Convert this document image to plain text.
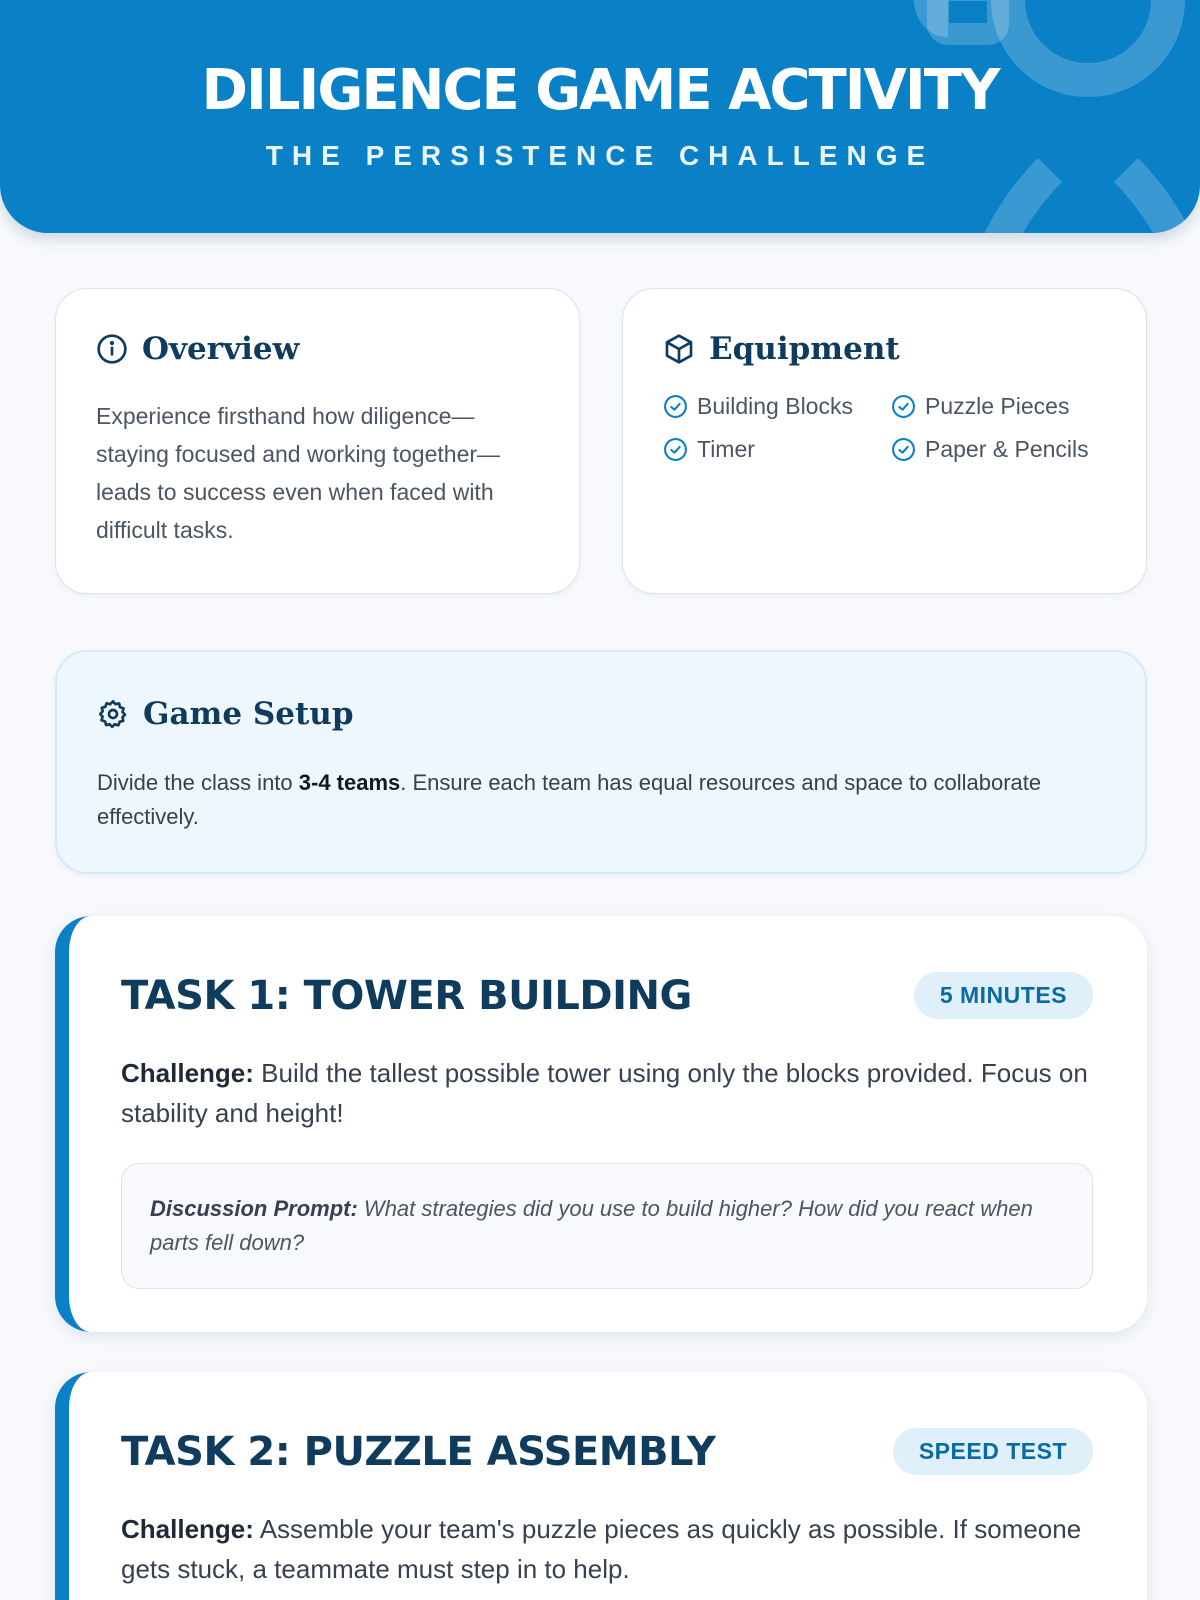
DILIGENCE GAME ACTIVITY
THE PERSISTENCE CHALLENGE
Overview

Experience firsthand how diligence—staying focused and working together—leads to success even when faced with difficult tasks.

Equipment
Building Blocks	Puzzle Pieces
Timer	Paper & Pencils
Game Setup

Divide the class into 3-4 teams. Ensure each team has equal resources and space to collaborate effectively.

TASK 1: TOWER BUILDING	5 MINUTES

Challenge: Build the tallest possible tower using only the blocks provided. Focus on stability and height!

Discussion Prompt: What strategies did you use to build higher? How did you react when parts fell down?
TASK 2: PUZZLE ASSEMBLY	SPEED TEST

Challenge: Assemble your team's puzzle pieces as quickly as possible. If someone gets stuck, a teammate must step in to help.
